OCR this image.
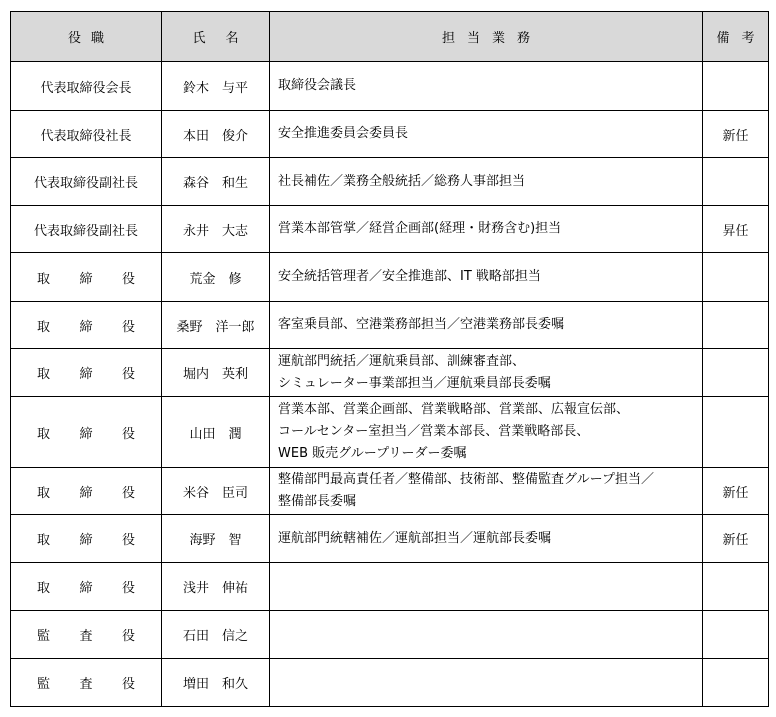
役職	氏名	担当業務	備考
代表取締役会長	鈴木　与平	取締役会議長	

代表取締役社長	本田　俊介	安全推進委員会委員長	新任
代表取締役副社長	森谷　和生	社長補佐／業務全般統括／総務人事部担当	

代表取締役副社長	永井　大志	営業本部管掌／経営企画部(経理・財務含む)担当	昇任
取締役	荒金　修	安全統括管理者／安全推進部、IT 戦略部担当	

取締役	桑野　洋一郎	客室乗員部、空港業務部担当／空港業務部長委嘱	

取締役	堀内　英利	運航部門統括／運航乗員部、訓練審査部、
シミュレーター事業部担当／運航乗員部長委嘱	

取締役	山田　潤	営業本部、営業企画部、営業戦略部、営業部、広報宣伝部、
コールセンター室担当／営業本部長、営業戦略部長、
WEB 販売グループリーダー委嘱	

取締役	米谷　臣司	整備部門最高責任者／整備部、技術部、整備監査グループ担当／
整備部長委嘱	新任
取締役	海野　智	運航部門統轄補佐／運航部担当／運航部長委嘱	新任
取締役	浅井　伸祐	

監査役	石田　信之	

監査役	増田　和久	
